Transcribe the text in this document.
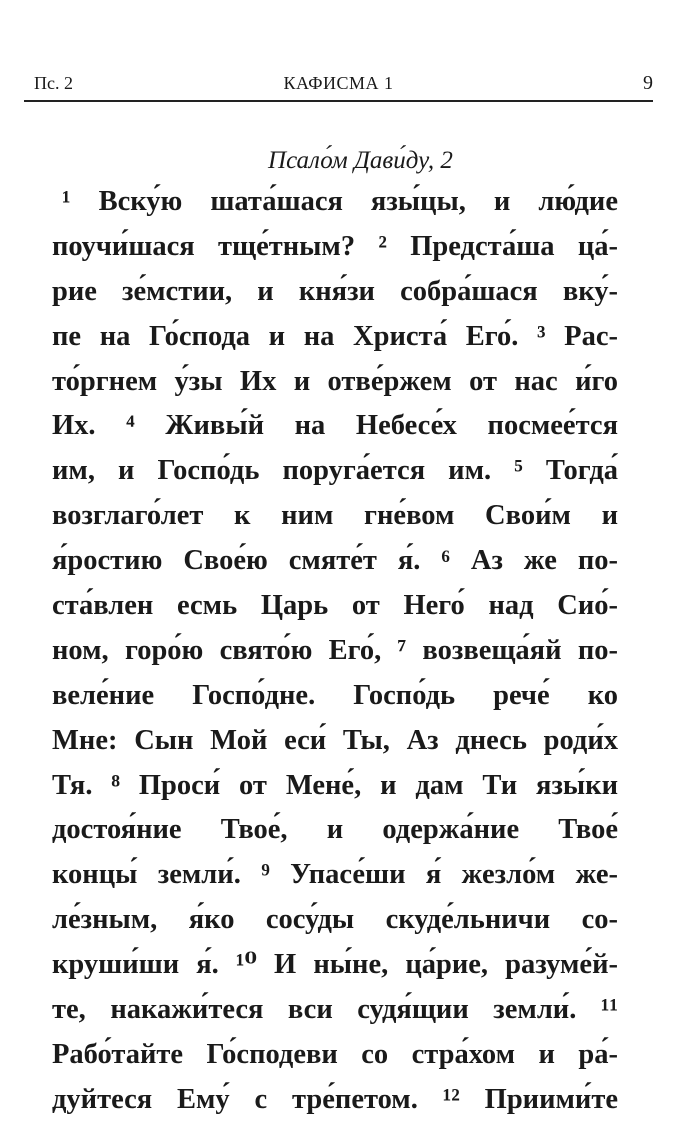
Пс. 2	КАФИСМА 1	9
Псало́м Дави́ду, 2
¹ Вску́ю шата́шася язы́цы, и лю́дие
поучи́шася тще́тным? ² Предста́ша ца́-
рие зе́мстии, и кня́зи собра́шася вку́-
пе на Го́спода и на Христа́ Его́. ³ Рас-
то́ргнем у́зы Их и отве́ржем от нас и́го
Их. ⁴ Живы́й на Небесе́х посмее́тся
им, и Госпо́дь поруга́ется им. ⁵ Тогда́
возглаго́лет к ним гне́вом Свои́м и
я́ростию Свое́ю смяте́т я́. ⁶ Аз же по-
ста́влен есмь Царь от Него́ над Сио́-
ном, горо́ю свято́ю Его́, ⁷ возвеща́яй по-
веле́ние Госпо́дне. Госпо́дь рече́ ко
Мне: Сын Мой еси́ Ты, Аз днесь роди́х
Тя. ⁸ Проси́ от Мене́, и дам Ти язы́ки
достоя́ние Твое́, и одержа́ние Твое́
концы́ земли́. ⁹ Упасе́ши я́ жезло́м же-
ле́зным, я́ко сосу́ды скуде́льничи со-
круши́ши я́. ¹⁰ И ны́не, ца́рие, разуме́й-
те, накажи́теся вси судя́щии земли́. ¹¹
Рабо́тайте Го́сподеви со стра́хом и ра́-
дуйтеся Ему́ с тре́петом. ¹² Приими́те
